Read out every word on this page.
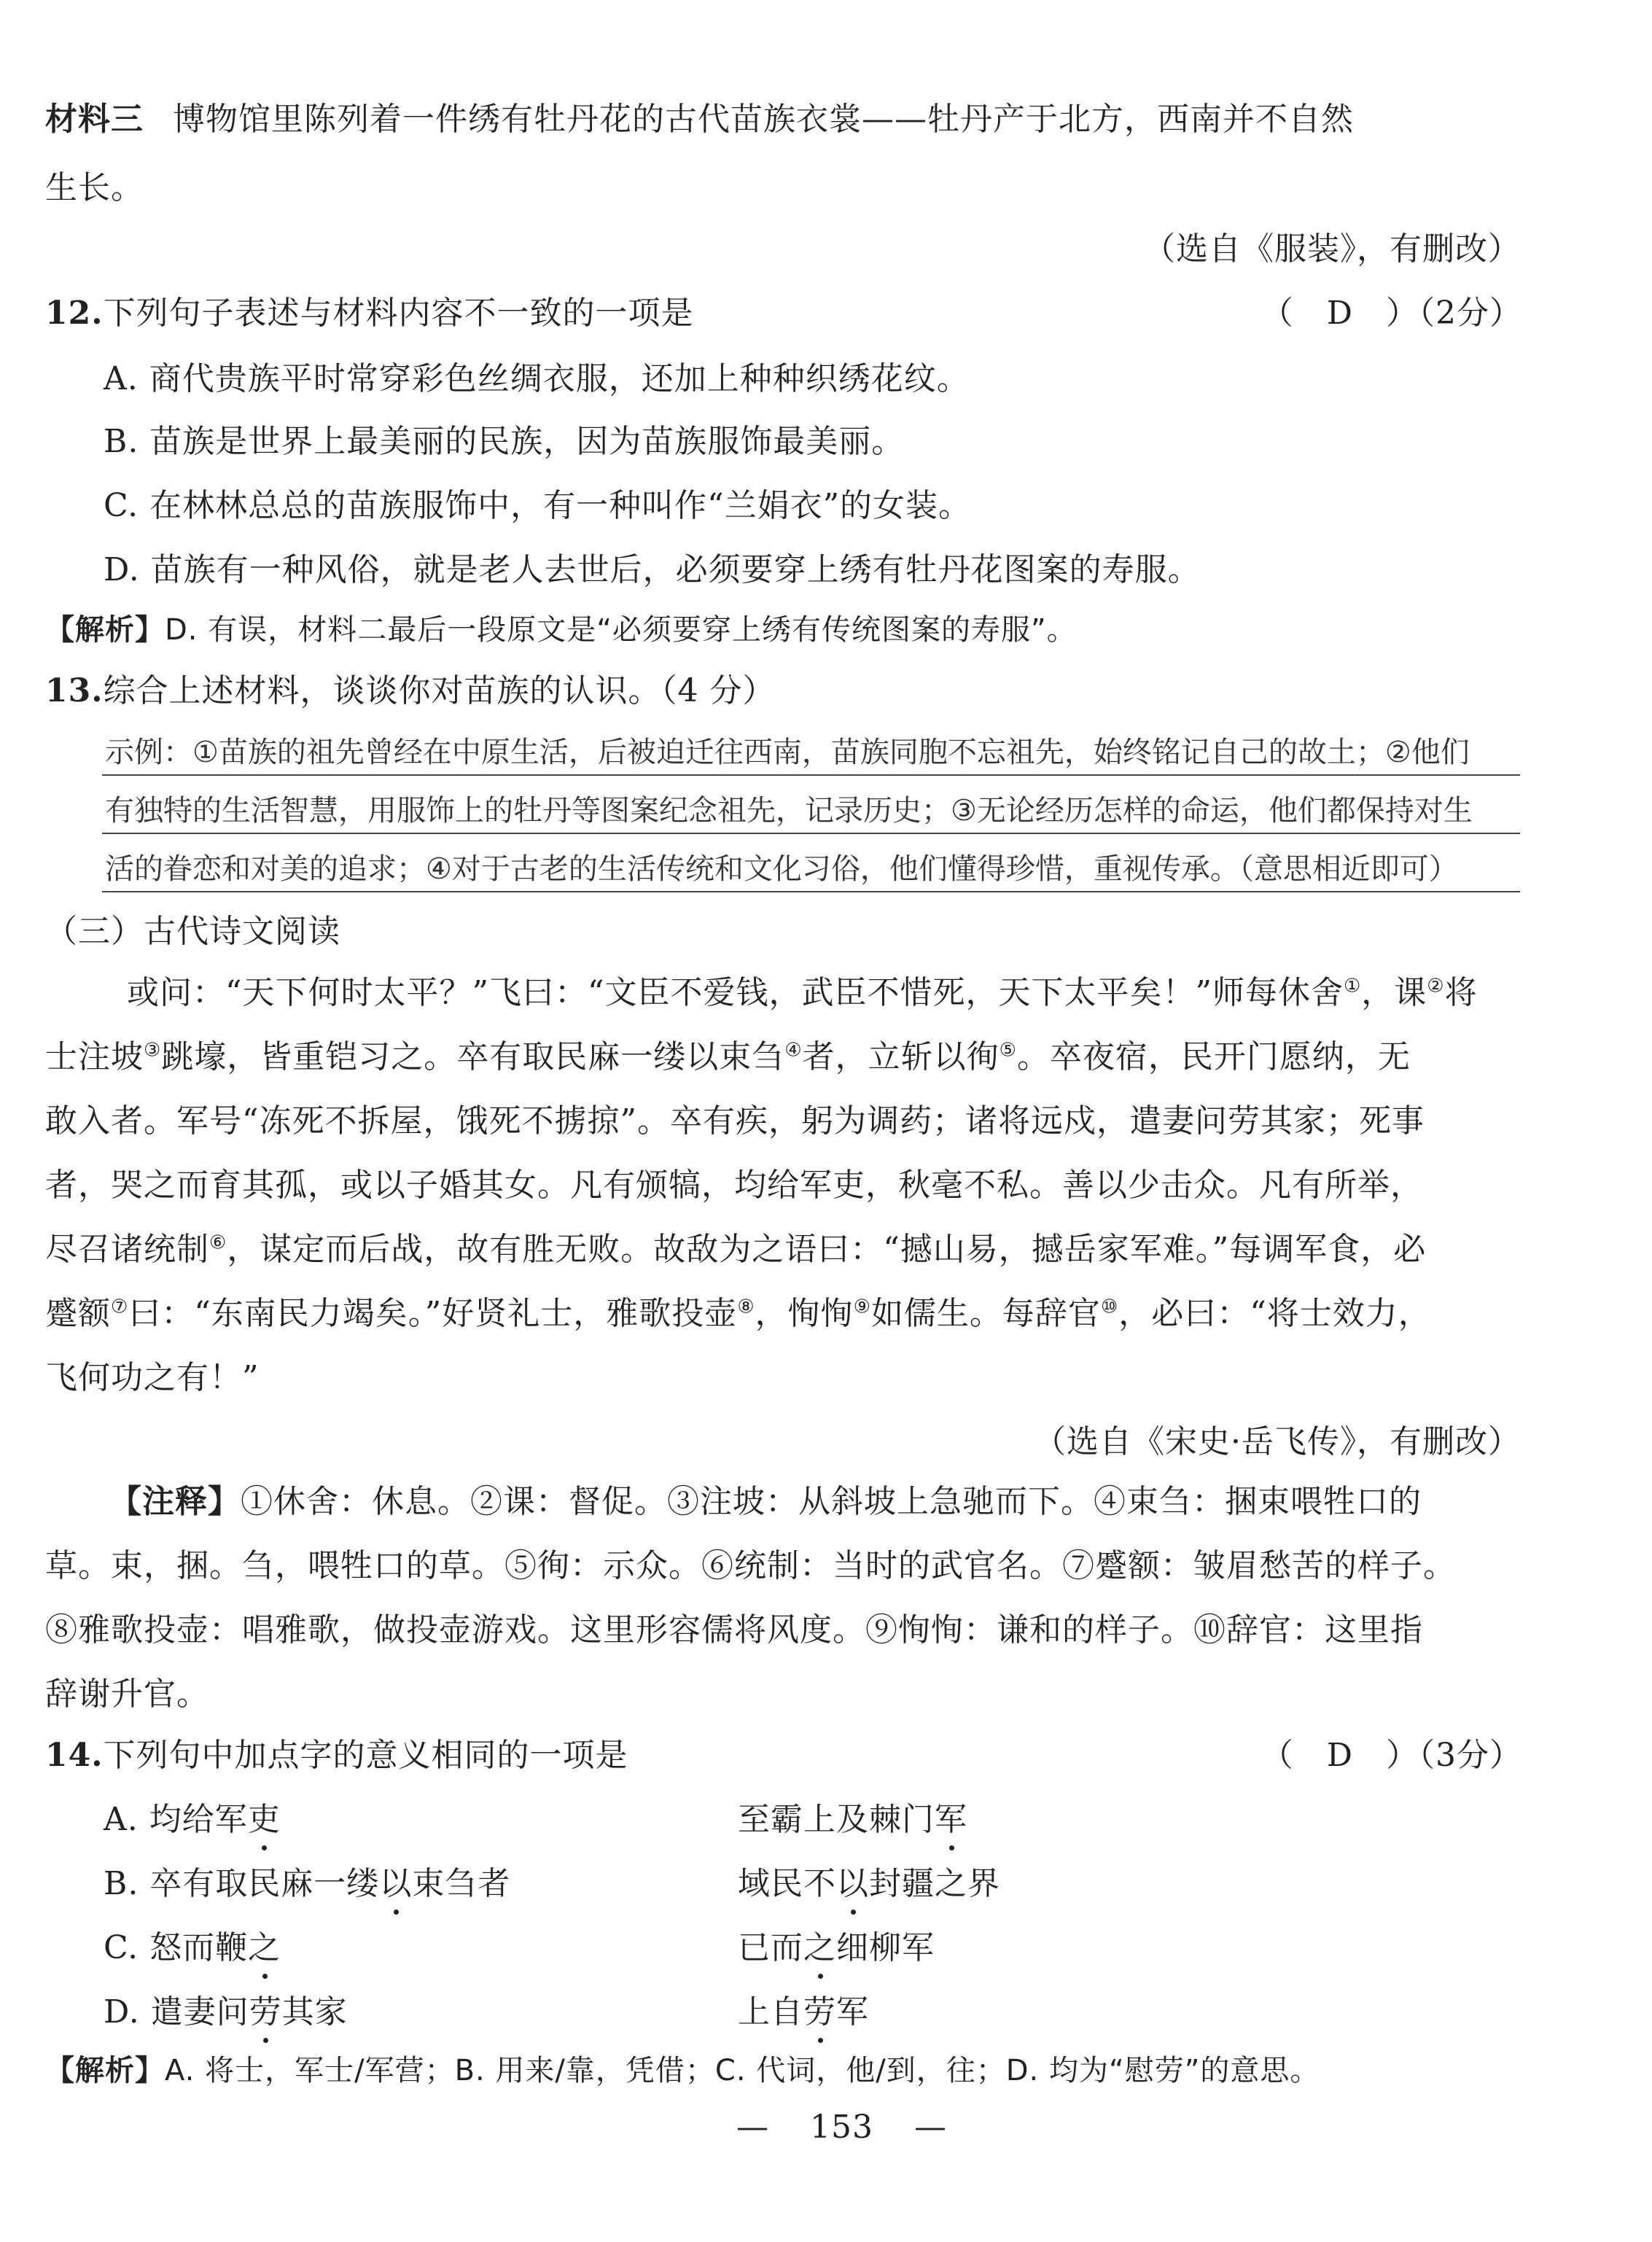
材料三 博物馆里陈列着一件绣有牡丹花的古代苗族衣裳——牡丹产于北方，西南并不自然
生长。
（选自《服装》，有删改）
12.下列句子表述与材料内容不一致的一项是	（　D　）（2分）
A. 商代贵族平时常穿彩色丝绸衣服，还加上种种织绣花纹。
B. 苗族是世界上最美丽的民族，因为苗族服饰最美丽。
C. 在林林总总的苗族服饰中，有一种叫作“兰娟衣”的女装。
D. 苗族有一种风俗，就是老人去世后，必须要穿上绣有牡丹花图案的寿服。
【解析】D. 有误，材料二最后一段原文是“必须要穿上绣有传统图案的寿服”。
13.综合上述材料，谈谈你对苗族的认识。（4 分）
示例：①苗族的祖先曾经在中原生活，后被迫迁往西南，苗族同胞不忘祖先，始终铭记自己的故土；②他们
有独特的生活智慧，用服饰上的牡丹等图案纪念祖先，记录历史；③无论经历怎样的命运，他们都保持对生
活的眷恋和对美的追求；④对于古老的生活传统和文化习俗，他们懂得珍惜，重视传承。（意思相近即可）
（三）古代诗文阅读
或问：“天下何时太平？”飞曰：“文臣不爱钱，武臣不惜死，天下太平矣！”师每休舍①，课②将
士注坡③跳壕，皆重铠习之。卒有取民麻一缕以束刍④者，立斩以徇⑤。卒夜宿，民开门愿纳，无
敢入者。军号“冻死不拆屋，饿死不掳掠”。卒有疾，躬为调药；诸将远戍，遣妻问劳其家；死事
者，哭之而育其孤，或以子婚其女。凡有颁犒，均给军吏，秋毫不私。善以少击众。凡有所举，
尽召诸统制⑥，谋定而后战，故有胜无败。故敌为之语曰：“撼山易，撼岳家军难。”每调军食，必
蹙额⑦曰：“东南民力竭矣。”好贤礼士，雅歌投壶⑧，恂恂⑨如儒生。每辞官⑩，必曰：“将士效力，
飞何功之有！”
（选自《宋史·岳飞传》，有删改）
【注释】①休舍：休息。②课：督促。③注坡：从斜坡上急驰而下。④束刍：捆束喂牲口的
草。束，捆。刍，喂牲口的草。⑤徇：示众。⑥统制：当时的武官名。⑦蹙额：皱眉愁苦的样子。
⑧雅歌投壶：唱雅歌，做投壶游戏。这里形容儒将风度。⑨恂恂：谦和的样子。⑩辞官：这里指
辞谢升官。
14.下列句中加点字的意义相同的一项是	（　D　）（3分）
A. 均给军吏	至霸上及棘门军
B. 卒有取民麻一缕以束刍者	域民不以封疆之界
C. 怒而鞭之	已而之细柳军
D. 遣妻问劳其家	上自劳军
【解析】A. 将士，军士/军营；B. 用来/靠，凭借；C. 代词，他/到，往；D. 均为“慰劳”的意思。
— 153 —
